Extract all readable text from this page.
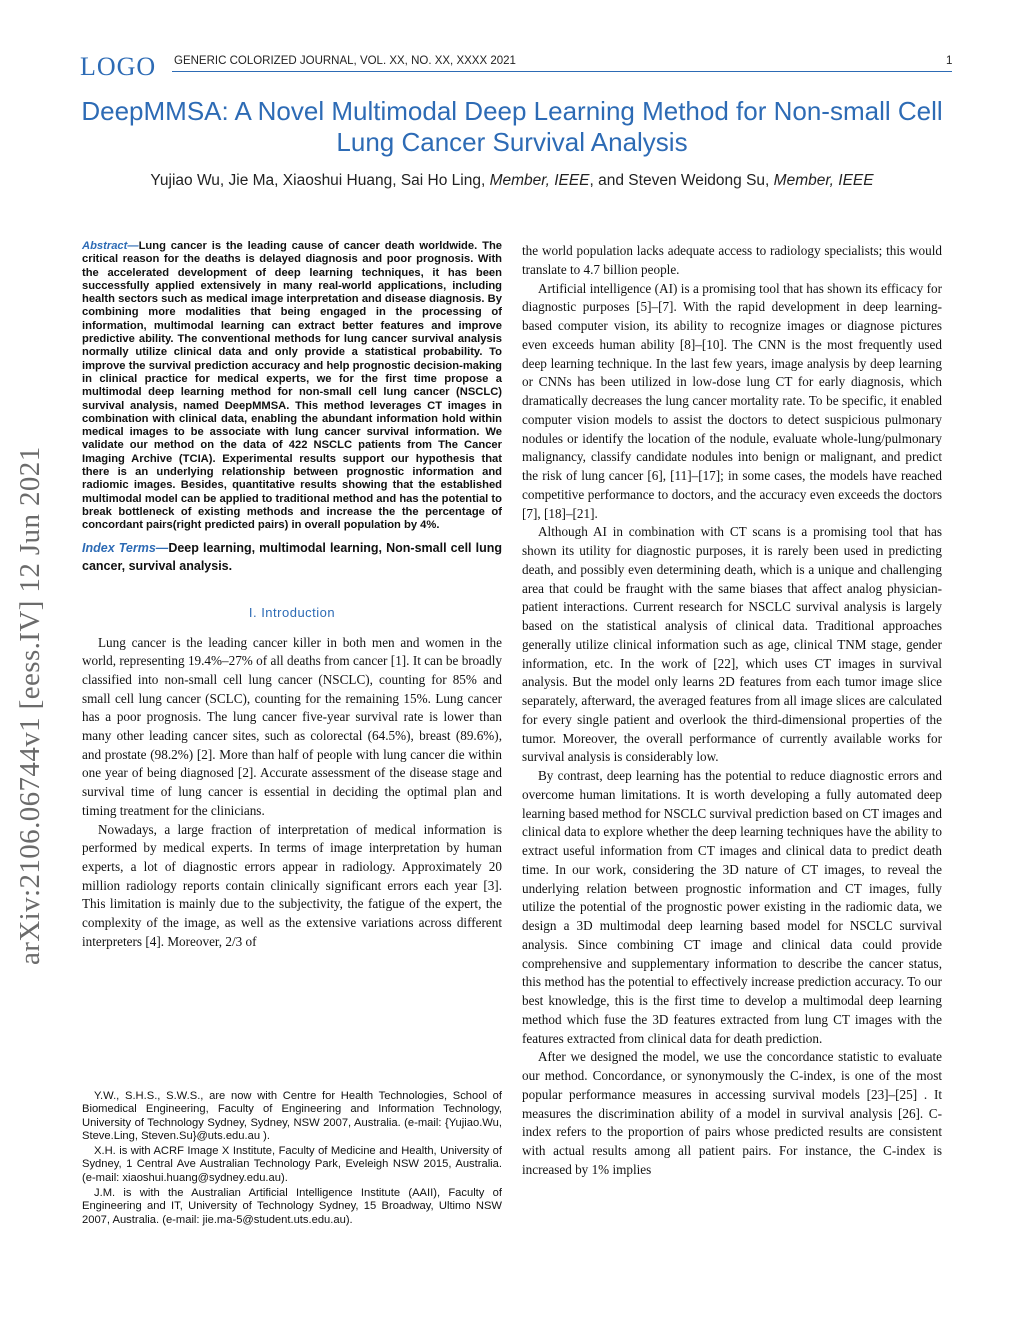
LOGO GENERIC COLORIZED JOURNAL, VOL. XX, NO. XX, XXXX 2021	1
DeepMMSA: A Novel Multimodal Deep Learning Method for Non-small Cell Lung Cancer Survival Analysis
Yujiao Wu, Jie Ma, Xiaoshui Huang, Sai Ho Ling, Member, IEEE, and Steven Weidong Su, Member, IEEE
arXiv:2106.06744v1 [eess.IV] 12 Jun 2021

Abstract—Lung cancer is the leading cause of cancer death worldwide. The critical reason for the deaths is delayed diagnosis and poor prognosis. With the accelerated development of deep learning techniques, it has been successfully applied extensively in many real-world applications, including health sectors such as medical image interpretation and disease diagnosis. By combining more modalities that being engaged in the processing of information, multimodal learning can extract better features and improve predictive ability. The conventional methods for lung cancer survival analysis normally utilize clinical data and only provide a statistical probability. To improve the survival prediction accuracy and help prognostic decision-making in clinical practice for medical experts, we for the first time propose a multimodal deep learning method for non-small cell lung cancer (NSCLC) survival analysis, named DeepMMSA. This method leverages CT images in combination with clinical data, enabling the abundant information hold within medical images to be associate with lung cancer survival information. We validate our method on the data of 422 NSCLC patients from The Cancer Imaging Archive (TCIA). Experimental results support our hypothesis that there is an underlying relationship between prognostic information and radiomic images. Besides, quantitative results showing that the established multimodal model can be applied to traditional method and has the potential to break bottleneck of existing methods and increase the the percentage of concordant pairs(right predicted pairs) in overall population by 4%.

Index Terms—Deep learning, multimodal learning, Non-small cell lung cancer, survival analysis.

I. Introduction

Lung cancer is the leading cancer killer in both men and women in the world, representing 19.4%–27% of all deaths from cancer [1]. It can be broadly classified into non-small cell lung cancer (NSCLC), counting for 85% and small cell lung cancer (SCLC), counting for the remaining 15%. Lung cancer has a poor prognosis. The lung cancer five-year survival rate is lower than many other leading cancer sites, such as colorectal (64.5%), breast (89.6%), and prostate (98.2%) [2]. More than half of people with lung cancer die within one year of being diagnosed [2]. Accurate assessment of the disease stage and survival time of lung cancer is essential in deciding the optimal plan and timing treatment for the clinicians.

Nowadays, a large fraction of interpretation of medical information is performed by medical experts. In terms of image interpretation by human experts, a lot of diagnostic errors appear in radiology. Approximately 20 million radiology reports contain clinically significant errors each year [3]. This limitation is mainly due to the subjectivity, the fatigue of the expert, the complexity of the image, as well as the extensive variations across different interpreters [4]. Moreover, 2/3 of

Y.W., S.H.S., S.W.S., are now with Centre for Health Technologies, School of Biomedical Engineering, Faculty of Engineering and Information Technology, University of Technology Sydney, Sydney, NSW 2007, Australia. (e-mail: {Yujiao.Wu, Steve.Ling, Steven.Su}@uts.edu.au ).

X.H. is with ACRF Image X Institute, Faculty of Medicine and Health, University of Sydney, 1 Central Ave Australian Technology Park, Eveleigh NSW 2015, Australia. (e-mail: xiaoshui.huang@sydney.edu.au).

J.M. is with the Australian Artificial Intelligence Institute (AAII), Faculty of Engineering and IT, University of Technology Sydney, 15 Broadway, Ultimo NSW 2007, Australia. (e-mail: jie.ma-5@student.uts.edu.au).

the world population lacks adequate access to radiology specialists; this would translate to 4.7 billion people.

Artificial intelligence (AI) is a promising tool that has shown its efficacy for diagnostic purposes [5]–[7]. With the rapid development in deep learning-based computer vision, its ability to recognize images or diagnose pictures even exceeds human ability [8]–[10]. The CNN is the most frequently used deep learning technique. In the last few years, image analysis by deep learning or CNNs has been utilized in low-dose lung CT for early diagnosis, which dramatically decreases the lung cancer mortality rate. To be specific, it enabled computer vision models to assist the doctors to detect suspicious pulmonary nodules or identify the location of the nodule, evaluate whole-lung/pulmonary malignancy, classify candidate nodules into benign or malignant, and predict the risk of lung cancer [6], [11]–[17]; in some cases, the models have reached competitive performance to doctors, and the accuracy even exceeds the doctors [7], [18]–[21].

Although AI in combination with CT scans is a promising tool that has shown its utility for diagnostic purposes, it is rarely been used in predicting death, and possibly even determining death, which is a unique and challenging area that could be fraught with the same biases that affect analog physician-patient interactions. Current research for NSCLC survival analysis is largely based on the statistical analysis of clinical data. Traditional approaches generally utilize clinical information such as age, clinical TNM stage, gender information, etc. In the work of [22], which uses CT images in survival analysis. But the model only learns 2D features from each tumor image slice separately, afterward, the averaged features from all image slices are calculated for every single patient and overlook the third-dimensional properties of the tumor. Moreover, the overall performance of currently available works for survival analysis is considerably low.

By contrast, deep learning has the potential to reduce diagnostic errors and overcome human limitations. It is worth developing a fully automated deep learning based method for NSCLC survival prediction based on CT images and clinical data to explore whether the deep learning techniques have the ability to extract useful information from CT images and clinical data to predict death time. In our work, considering the 3D nature of CT images, to reveal the underlying relation between prognostic information and CT images, fully utilize the potential of the prognostic power existing in the radiomic data, we design a 3D multimodal deep learning based model for NSCLC survival analysis. Since combining CT image and clinical data could provide comprehensive and supplementary information to describe the cancer status, this method has the potential to effectively increase prediction accuracy. To our best knowledge, this is the first time to develop a multimodal deep learning method which fuse the 3D features extracted from lung CT images with the features extracted from clinical data for death prediction.

After we designed the model, we use the concordance statistic to evaluate our method. Concordance, or synonymously the C-index, is one of the most popular performance measures in accessing survival models [23]–[25] . It measures the discrimination ability of a model in survival analysis [26]. C-index refers to the proportion of pairs whose predicted results are consistent with actual results among all patient pairs. For instance, the C-index is increased by 1% implies
